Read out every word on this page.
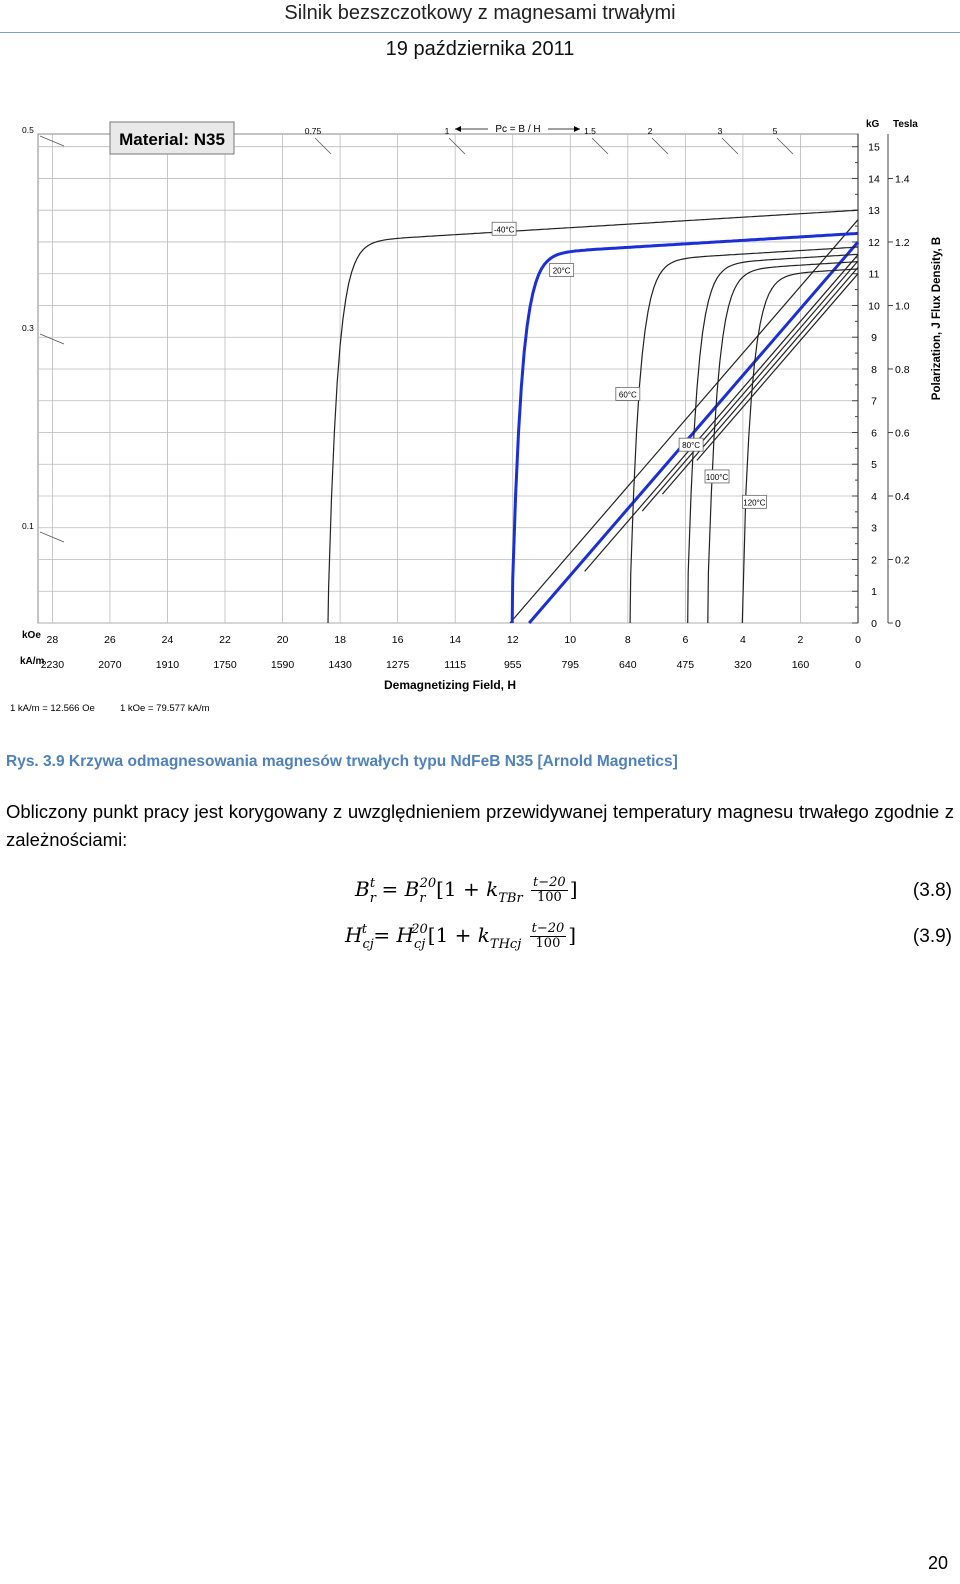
Silnik bezszczotkowy z magnesami trwałymi
19 października 2011
-40°C
20°C
60°C
80°C
100°C
120°C
Material: N35
kOe 28	26	24	22	20	18	16	14	12	10	8	6	4	2	0
kA/m
2230	2070	1910	1750	1590	1430	1275	1115	955	795	640	475	320	160	0
Demagnetizing Field, H
kG Tesla
15
14
13
12
11
10
9
8
7
6
5
4
3
2
1
0
1.4
1.2
1.0
0.8
0.6
0.4
0.2
0
Polarization, J Flux Density, B
Pc = B / H
0.75	1	1.5	2	3	5
0.5
0.3
0.1
1 kA/m = 12.566 Oe	1 kOe = 79.577 kA/m
Rys. 3.9 Krzywa odmagnesowania magnesów trwałych typu NdFeB N35 [Arnold Magnetics]
Obliczony punkt pracy jest korygowany z uwzględnieniem przewidywanej temperatury magnesu trwałego zgodnie z zależnościami:
$B_r^t = B_r^{20}[1 + k_{TBr} \frac{t-20}{100}$ ]	(3.8)
$H_{cj}^t = H_{cj}^{20}[1 + k_{THcj} \frac{t-20}{100}$ ]	(3.9)
20
